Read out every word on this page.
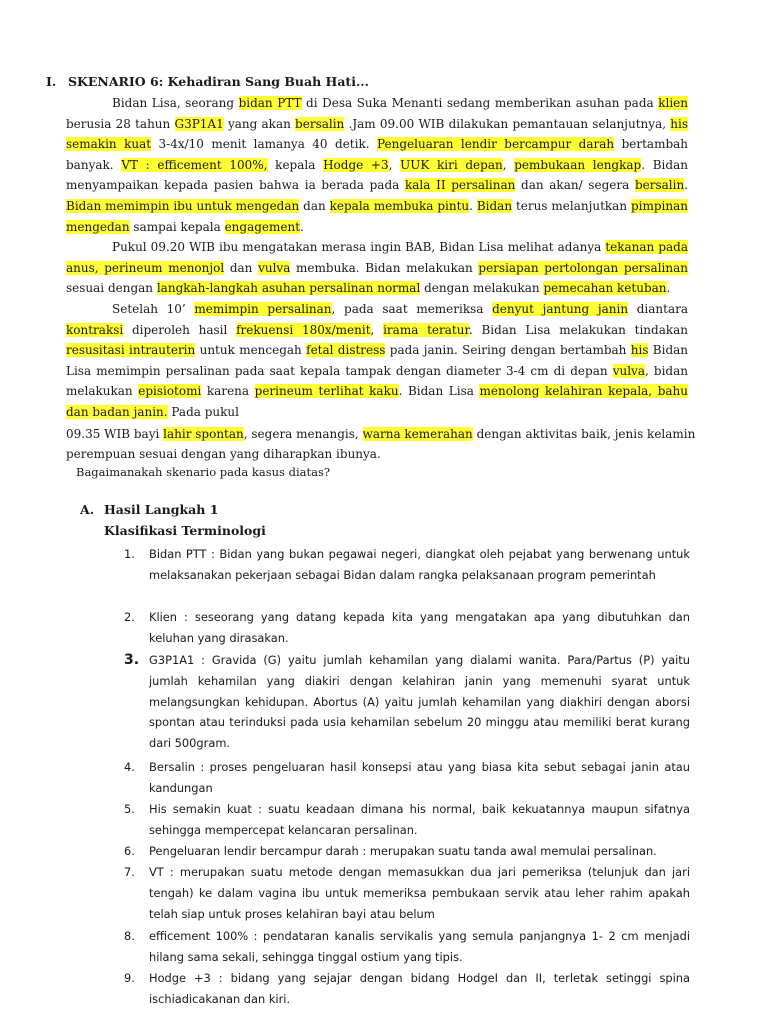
I. SKENARIO 6: Kehadiran Sang Buah Hati...

Bidan Lisa, seorang bidan PTT di Desa Suka Menanti sedang memberikan asuhan pada klien berusia 28 tahun G3P1A1 yang akan bersalin .Jam 09.00 WIB dilakukan pemantauan selanjutnya, his semakin kuat 3-4x/10 menit lamanya 40 detik. Pengeluaran lendir bercampur darah bertambah banyak. VT : efficement 100%, kepala Hodge +3, UUK kiri depan, pembukaan lengkap. Bidan menyampaikan kepada pasien bahwa ia berada pada kala II persalinan dan akan/ segera bersalin. Bidan memimpin ibu untuk mengedan dan kepala membuka pintu. Bidan terus melanjutkan pimpinan mengedan sampai kepala engagement.

Pukul 09.20 WIB ibu mengatakan merasa ingin BAB, Bidan Lisa melihat adanya tekanan pada anus, perineum menonjol dan vulva membuka. Bidan melakukan persiapan pertolongan persalinan sesuai dengan langkah-langkah asuhan persalinan normal dengan melakukan pemecahan ketuban.

Setelah 10’ memimpin persalinan, pada saat memeriksa denyut jantung janin diantara kontraksi diperoleh hasil frekuensi 180x/menit, irama teratur. Bidan Lisa melakukan tindakan resusitasi intrauterin untuk mencegah fetal distress pada janin. Seiring dengan bertambah his Bidan Lisa memimpin persalinan pada saat kepala tampak dengan diameter 3-4 cm di depan vulva, bidan melakukan episiotomi karena perineum terlihat kaku. Bidan Lisa menolong kelahiran kepala, bahu dan badan janin. Pada pukul

09.35 WIB bayi lahir spontan, segera menangis, warna kemerahan dengan aktivitas baik, jenis kelamin

perempuan sesuai dengan yang diharapkan ibunya.

Bagaimanakah skenario pada kasus diatas?
A. Hasil Langkah 1
Klasifikasi Terminologi
1.	Bidan PTT : Bidan yang bukan pegawai negeri, diangkat oleh pejabat yang berwenang untuk melaksanakan pekerjaan sebagai Bidan dalam rangka pelaksanaan program pemerintah
2.	Klien : seseorang yang datang kepada kita yang mengatakan apa yang dibutuhkan dan keluhan yang dirasakan.
3. G3P1A1 : Gravida (G) yaitu jumlah kehamilan yang dialami wanita. Para/Partus (P) yaitu jumlah kehamilan yang diakiri dengan kelahiran janin yang memenuhi syarat untuk melangsungkan kehidupan. Abortus (A) yaitu jumlah kehamilan yang diakhiri dengan aborsi spontan atau terinduksi pada usia kehamilan sebelum 20 minggu atau memiliki berat kurang dari 500gram.
4.	Bersalin : proses pengeluaran hasil konsepsi atau yang biasa kita sebut sebagai janin atau kandungan
5.	His semakin kuat : suatu keadaan dimana his normal, baik kekuatannya maupun sifatnya sehingga mempercepat kelancaran persalinan.
6.	Pengeluaran lendir bercampur darah : merupakan suatu tanda awal memulai persalinan.
7.	VT : merupakan suatu metode dengan memasukkan dua jari pemeriksa (telunjuk dan jari tengah) ke dalam vagina ibu untuk memeriksa pembukaan servik atau leher rahim apakah telah siap untuk proses kelahiran bayi atau belum
8.	efficement 100% : pendataran kanalis servikalis yang semula panjangnya 1- 2 cm menjadi hilang sama sekali, sehingga tinggal ostium yang tipis.
9.	Hodge +3 : bidang yang sejajar dengan bidang HodgeI dan II, terletak setinggi spina ischiadicakanan dan kiri.
